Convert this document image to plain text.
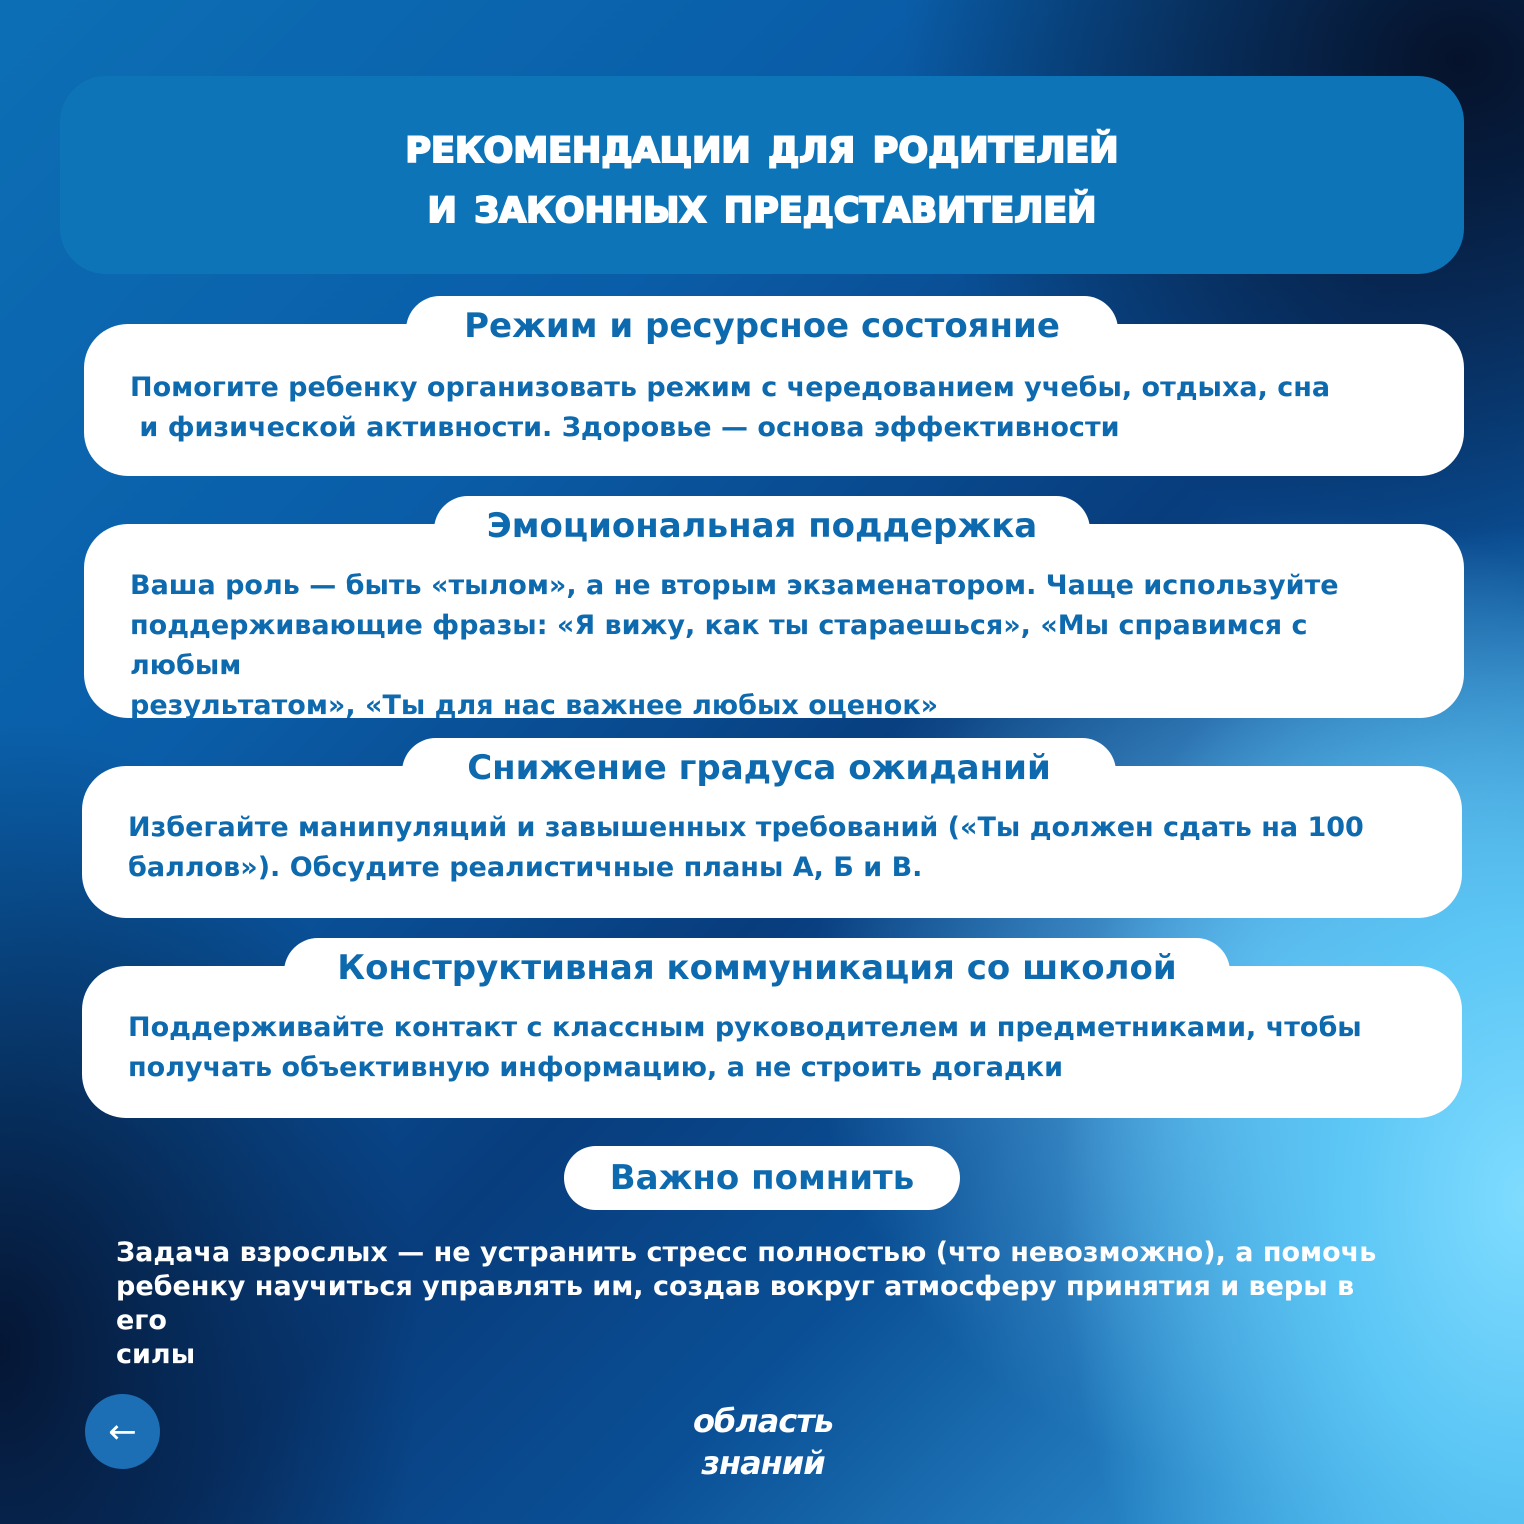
рекомендации для родителей
и законных представителей
Режим и ресурсное состояние
Помогите ребенку организовать режим с чередованием учебы, отдыха, сна
и физической активности. Здоровье — основа эффективности
Эмоциональная поддержка
Ваша роль — быть «тылом», а не вторым экзаменатором. Чаще используйте
поддерживающие фразы: «Я вижу, как ты стараешься», «Мы справимся с любым
результатом», «Ты для нас важнее любых оценок»
Снижение градуса ожиданий
Избегайте манипуляций и завышенных требований («Ты должен сдать на 100
баллов»). Обсудите реалистичные планы А, Б и В.
Конструктивная коммуникация со школой
Поддерживайте контакт с классным руководителем и предметниками, чтобы
получать объективную информацию, а не строить догадки
Важно помнить
Задача взрослых — не устранить стресс полностью (что невозможно), а помочь
ребенку научиться управлять им, создав вокруг атмосферу принятия и веры в его
силы
←	область
знаний
